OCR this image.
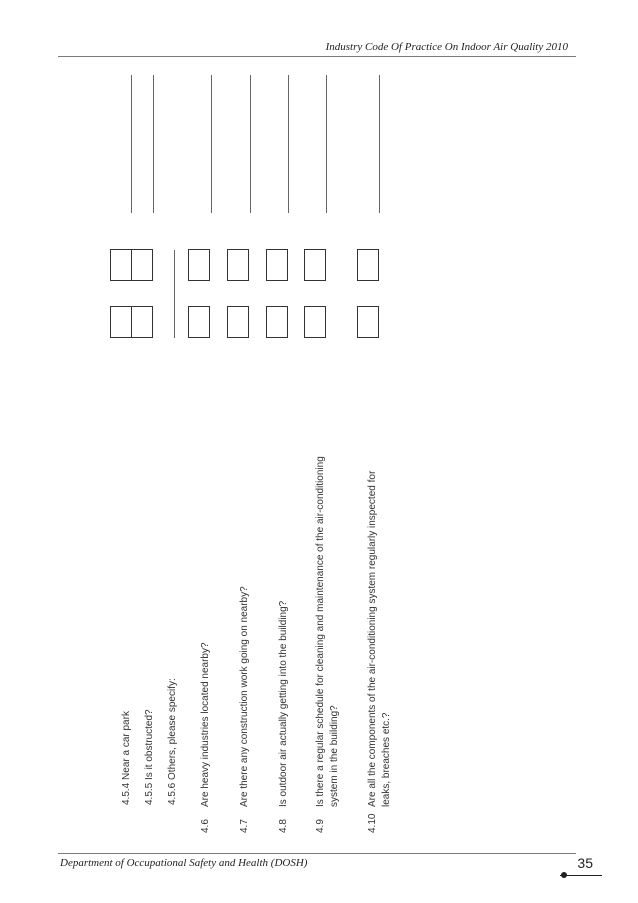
Industry Code Of Practice On Indoor Air Quality 2010
4.5.4 Near a car park
4.5.5 Is it obstructed?
4.5.6 Others, please specify:
4.6Are heavy industries located nearby?
4.7Are there any construction work going on nearby?
4.8Is outdoor air actually getting into the building?
4.9Is there a regular schedule for cleaning and maintenance of the air-conditioning system in the building?
4.10Are all the components of the air-conditioning system regularly inspected for leaks, breaches etc.?
Department of Occupational Safety and Health (DOSH)	35
